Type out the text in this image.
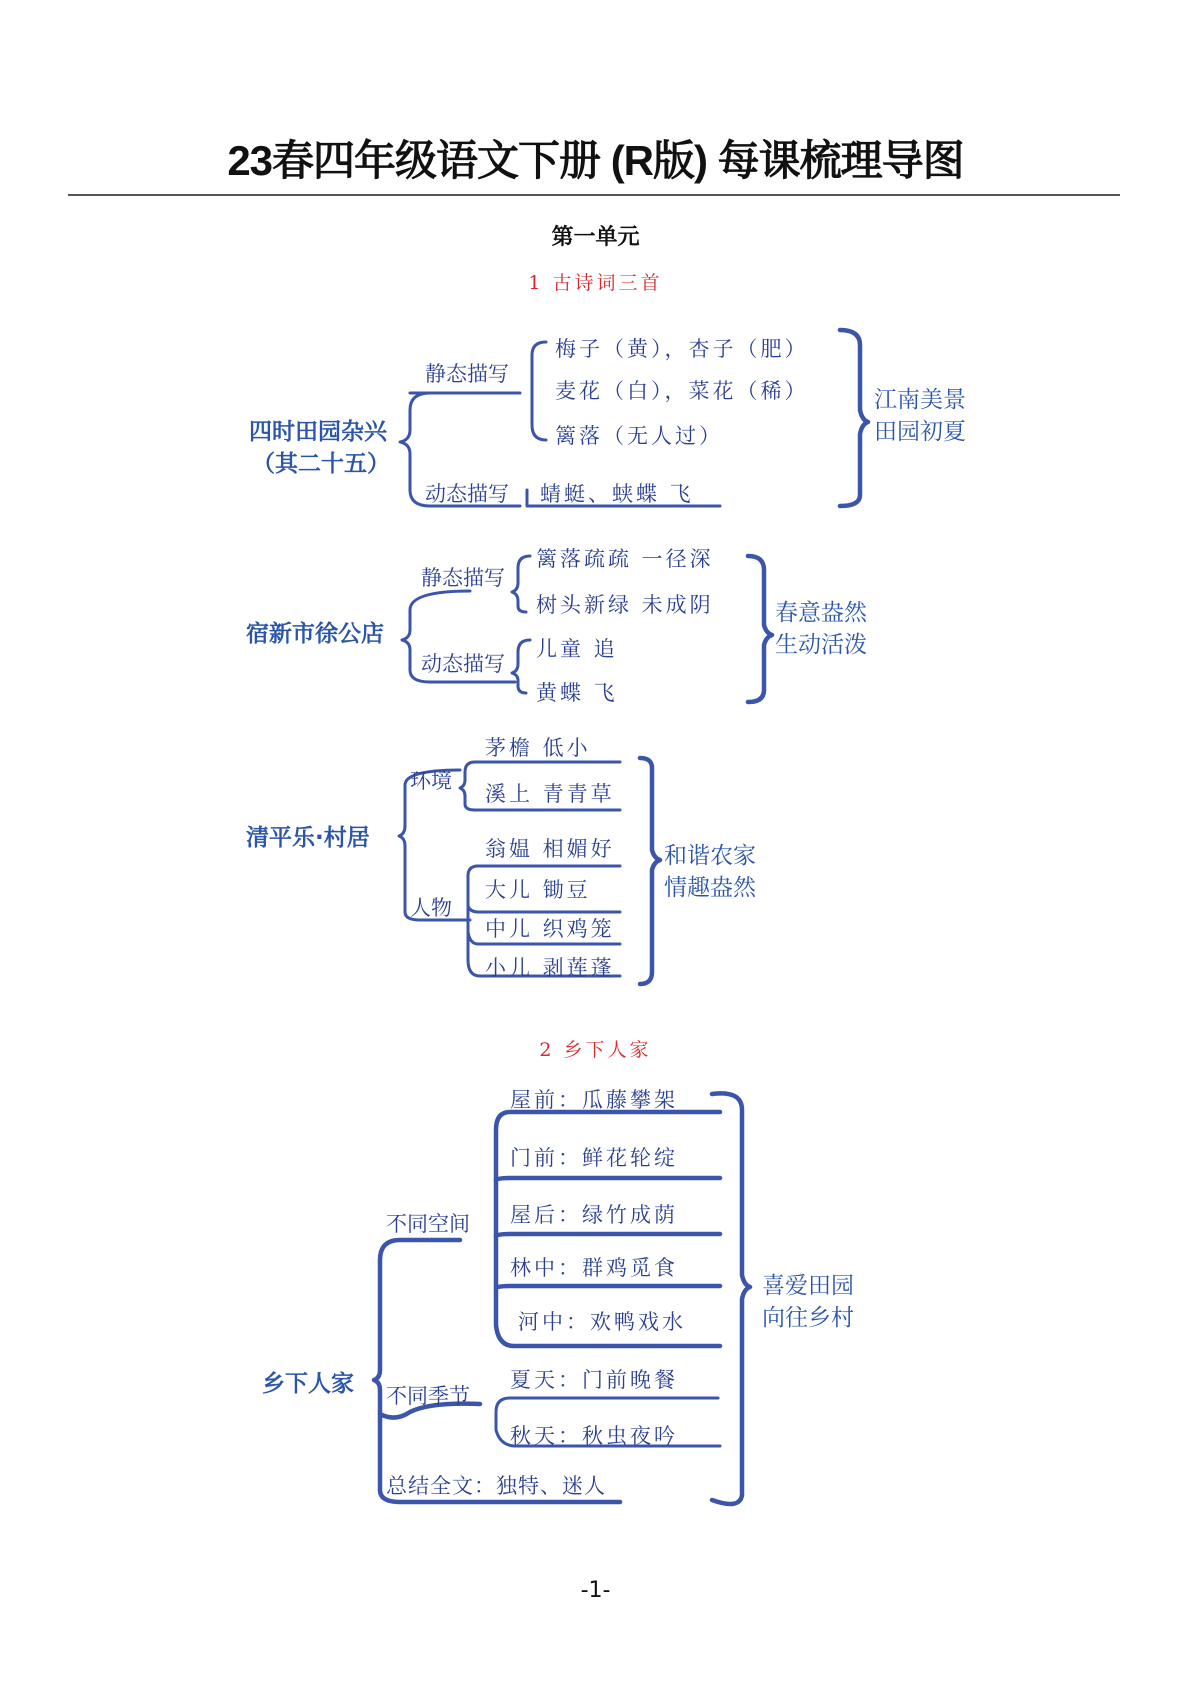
23春四年级语文下册 (R版) 每课梳理导图
第一单元
1 古诗词三首
四时田园杂兴
（其二十五）
静态描写
动态描写
梅子（黄），杏子（肥）
麦花（白），菜花（稀）
篱落（无人过）
蜻蜓、蛱蝶 飞
江南美景
田园初夏
宿新市徐公店
静态描写
动态描写
篱落疏疏 一径深
树头新绿 未成阴
儿童 追
黄蝶 飞
春意盎然
生动活泼
清平乐·村居
环境
人物
茅檐 低小
溪上 青青草
翁媪 相媚好
大儿 锄豆
中儿 织鸡笼
小儿 剥莲蓬
和谐农家
情趣盎然
2 乡下人家
乡下人家
不同空间
不同季节
总结全文：独特、迷人
屋前：瓜藤攀架
门前：鲜花轮绽
屋后：绿竹成荫
林中：群鸡觅食
河中：欢鸭戏水
夏天：门前晚餐
秋天：秋虫夜吟
喜爱田园
向往乡村
-1-
